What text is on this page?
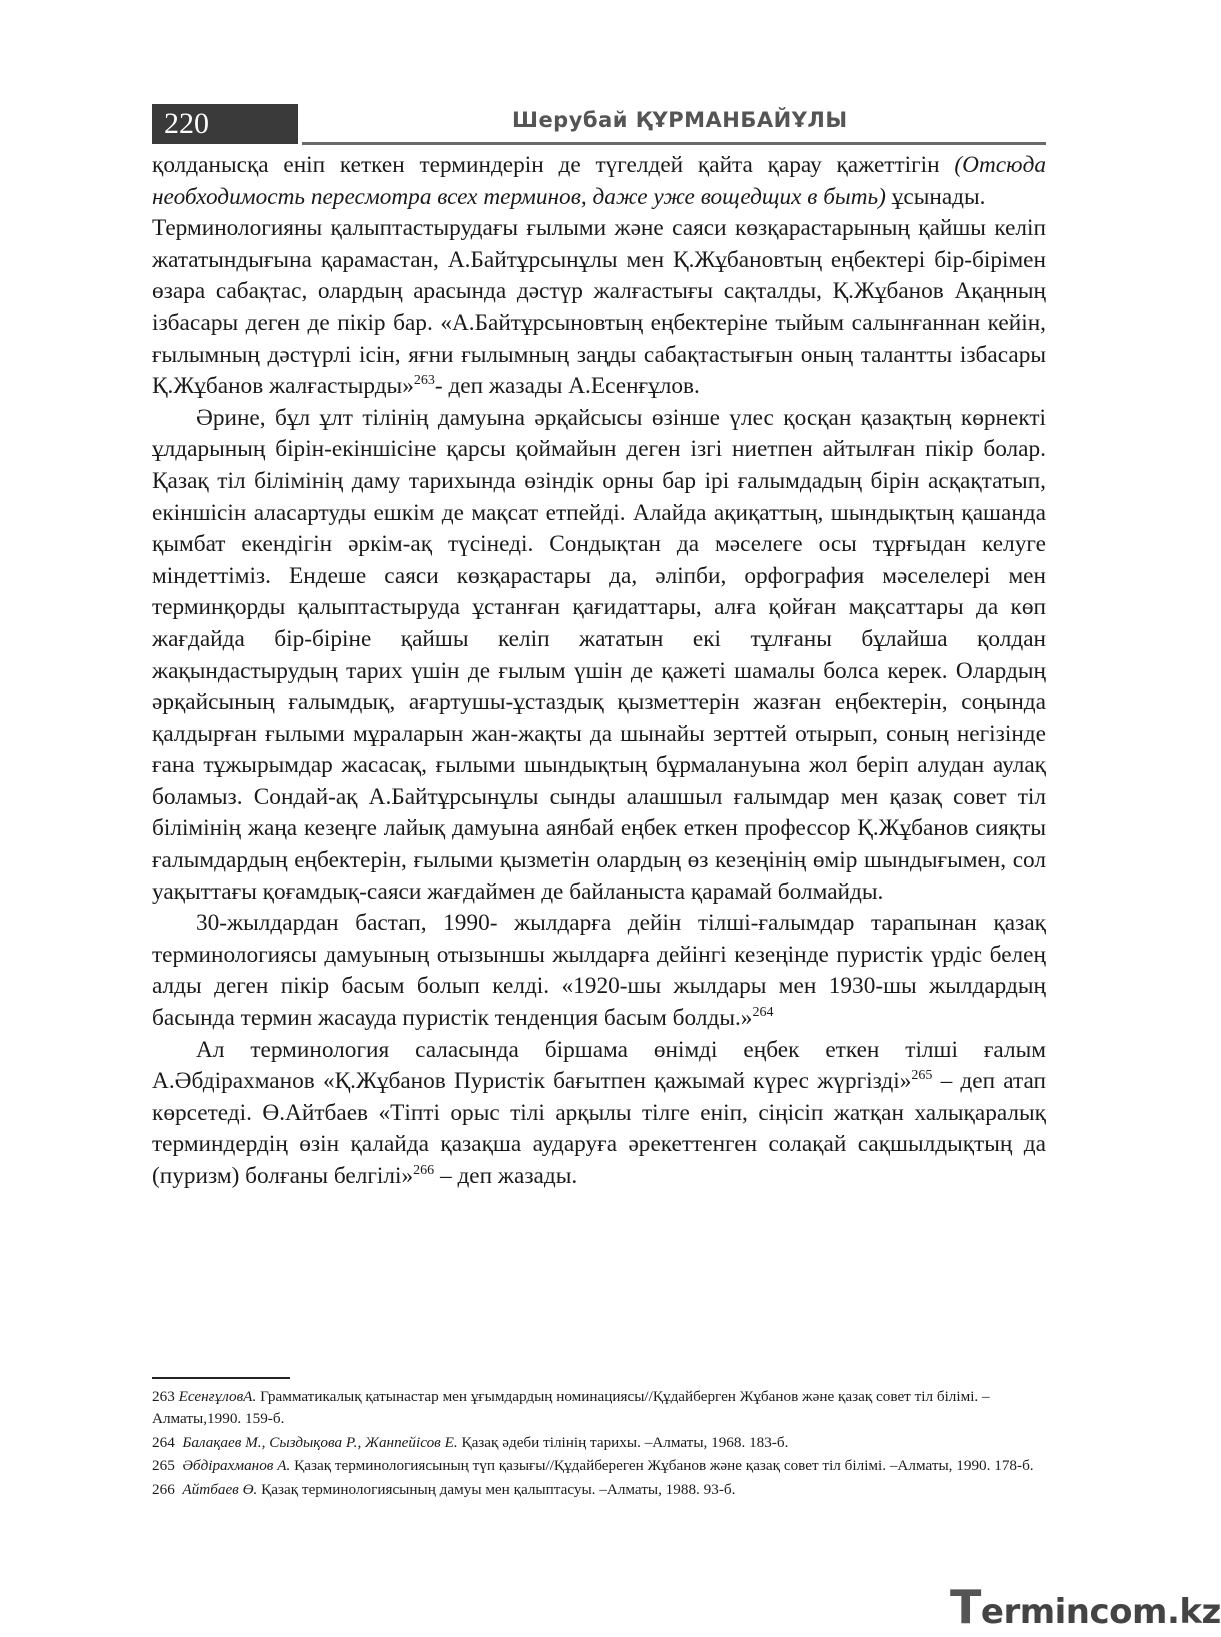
220	Шерубай ҚҰРМАНБАЙҰЛЫ

қолданысқа еніп кеткен терминдерін де түгелдей қайта қарау қажеттігін (Отсюда необходимость пересмотра всех терминов, даже уже вощедщих в быть) ұсынады.

Терминологияны қалыптастырудағы ғылыми және саяси көзқарастарының қайшы келіп жататындығына қарамастан, А.Байтұрсынұлы мен Қ.Жұбановтың еңбектері бір-бірімен өзара сабақтас, олардың арасында дәстүр жалғастығы сақталды, Қ.Жұбанов Ақаңның ізбасары деген де пікір бар. «А.Байтұрсыновтың еңбектеріне тыйым салынғаннан кейін, ғылымның дәстүрлі ісін, яғни ғылымның заңды сабақтастығын оның талантты ізбасары Қ.Жұбанов жалғастырды»$^{263}$- деп жазады А.Есенғұлов.

Әрине, бұл ұлт тілінің дамуына әрқайсысы өзінше үлес қосқан қазақтың көрнекті ұлдарының бірін-екіншісіне қарсы қоймайын деген ізгі ниетпен айтылған пікір болар. Қазақ тіл білімінің даму тарихында өзіндік орны бар ірі ғалымдадың бірін асқақтатып, екіншісін аласартуды ешкім де мақсат етпейді. Алайда ақиқаттың, шындықтың қашанда қымбат екендігін әркім-ақ түсінеді. Сондықтан да мәселеге осы тұрғыдан келуге міндеттіміз. Ендеше саяси көзқарастары да, әліпби, орфография мәселелері мен терминқорды қалыптастыруда ұстанған қағидаттары, алға қойған мақсаттары да көп жағдайда бір-біріне қайшы келіп жататын екі тұлғаны бұлайша қолдан жақындастырудың тарих үшін де ғылым үшін де қажеті шамалы болса керек. Олардың әрқайсының ғалымдық, ағартушы-ұстаздық қызметтерін жазған еңбектерін, соңында қалдырған ғылыми мұраларын жан-жақты да шынайы зерттей отырып, соның негізінде ғана тұжырымдар жасасақ, ғылыми шындықтың бұрмалануына жол беріп алудан аулақ боламыз. Сондай-ақ А.Байтұрсынұлы сынды алашшыл ғалымдар мен қазақ совет тіл білімінің жаңа кезеңге лайық дамуына аянбай еңбек еткен профессор Қ.Жұбанов сияқты ғалымдардың еңбектерін, ғылыми қызметін олардың өз кезеңінің өмір шындығымен, сол уақыттағы қоғамдық-саяси жағдаймен де байланыста қарамай болмайды.

30-жылдардан бастап, 1990- жылдарға дейін тілші-ғалымдар тарапынан қазақ терминологиясы дамуының отызыншы жылдарға дейінгі кезеңінде пуристік үрдіс белең алды деген пікір басым болып келді. «1920-шы жылдары мен 1930-шы жылдардың басында термин жасауда пуристік тенденция басым болды.»$^{264}$

Ал терминология саласында біршама өнімді еңбек еткен тілші ғалым А.Әбдірахманов «Қ.Жұбанов Пуристік бағытпен қажымай күрес жүргізді»$^{265}$ – деп атап көрсетеді. Ө.Айтбаев «Тіпті орыс тілі арқылы тілге еніп, сіңісіп жатқан халықаралық терминдердің өзін қалайда қазақша аударуға әрекеттенген солақай сақшылдықтың да (пуризм) болғаны белгілі»$^{266}$ – деп жазады.

263 ЕсенғұловА. Грамматикалық қатынастар мен ұғымдардың номинациясы//Құдайберген Жұбанов және қазақ совет тіл білімі. –Алматы,1990. 159-б.

264 Балақаев М., Сыздықова Р., Жанпейісов Е. Қазақ әдеби тілінің тарихы. –Алматы, 1968. 183-б.

265 Әбдірахманов А. Қазақ терминологиясының түп қазығы//Құдайбереген Жұбанов және қазақ совет тіл білімі. –Алматы, 1990. 178-б.

266 Айтбаев Ө. Қазақ терминологиясының дамуы мен қалыптасуы. –Алматы, 1988. 93-б.

Termincom.kz
